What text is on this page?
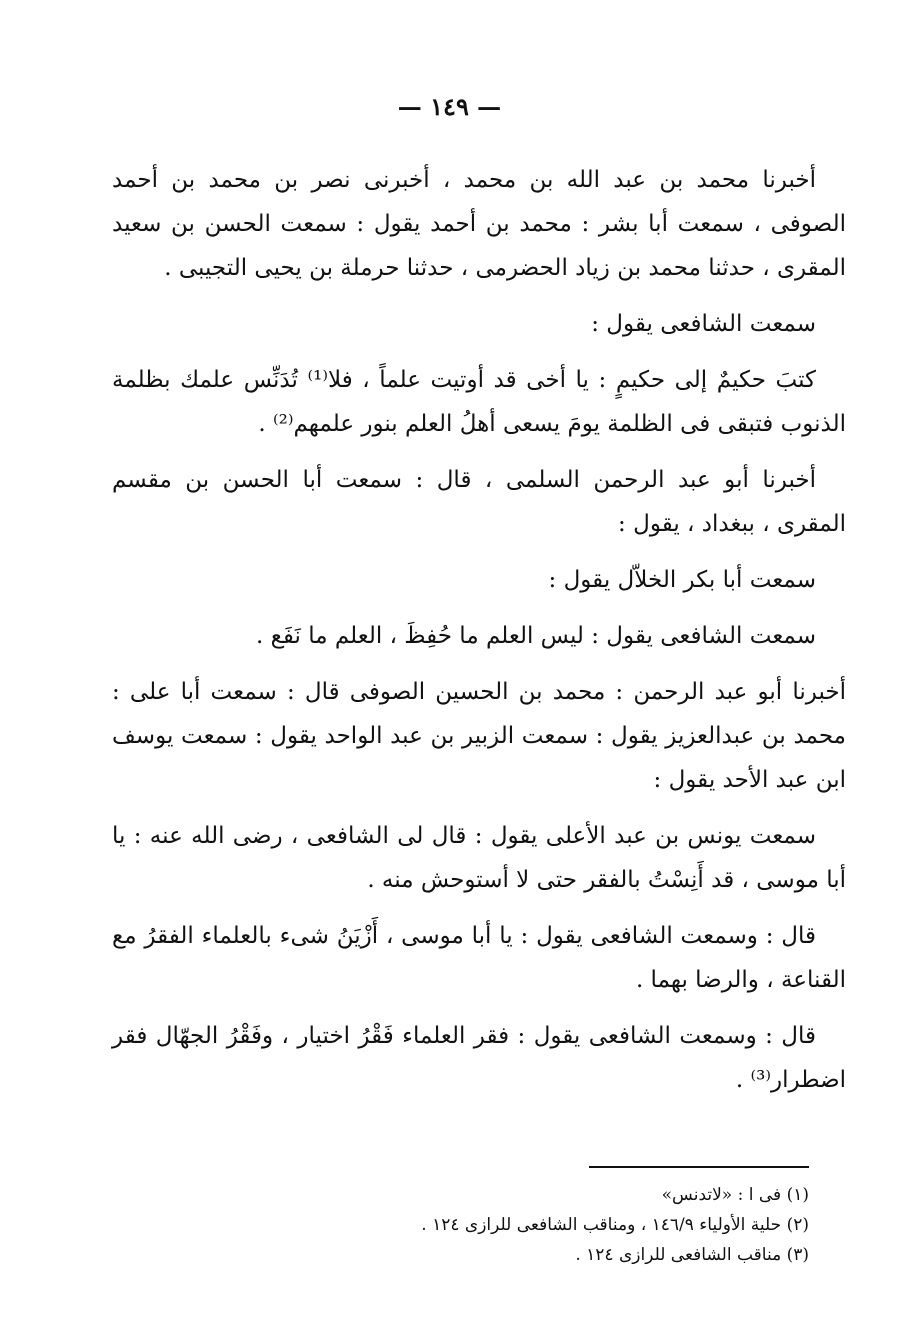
— ١٤٩ —

أخبرنا محمد بن عبد الله بن محمد ، أخبرنى نصر بن محمد بن أحمد الصوفى ، سمعت أبا بشر : محمد بن أحمد يقول : سمعت الحسن بن سعيد المقرى ، حدثنا محمد بن زياد الحضرمى ، حدثنا حرملة بن يحيى التجيبى .

سمعت الشافعى يقول :

كتبَ حكيمٌ إلى حكيمٍ : يا أخى قد أوتيت علماً ، فلا⁽¹⁾ تُدَنِّس علمك بظلمة الذنوب فتبقى فى الظلمة يومَ يسعى أهلُ العلم بنور علمهم⁽²⁾ .

أخبرنا أبو عبد الرحمن السلمى ، قال : سمعت أبا الحسن بن مقسم المقرى ، ببغداد ، يقول :

سمعت أبا بكر الخلاّل يقول :

سمعت الشافعى يقول : ليس العلم ما حُفِظَ ، العلم ما نَفَع .

أخبرنا أبو عبد الرحمن : محمد بن الحسين الصوفى قال : سمعت أبا على : محمد بن عبدالعزيز يقول : سمعت الزبير بن عبد الواحد يقول : سمعت يوسف ابن عبد الأحد يقول :

سمعت يونس بن عبد الأعلى يقول : قال لى الشافعى ، رضى الله عنه : يا أبا موسى ، قد أَنِسْتُ بالفقر حتى لا أستوحش منه .

قال : وسمعت الشافعى يقول : يا أبا موسى ، أَزْيَنُ شىء بالعلماء الفقرُ مع القناعة ، والرضا بهما .

قال : وسمعت الشافعى يقول : فقر العلماء فَقْرُ اختيار ، وفَقْرُ الجهّال فقر اضطرار⁽³⁾ .

(١) فى ا : «لاتدنس»

(٢) حلية الأولياء ١٤٦/٩ ، ومناقب الشافعى للرازى ١٢٤ .

(٣) مناقب الشافعى للرازى ١٢٤ .
